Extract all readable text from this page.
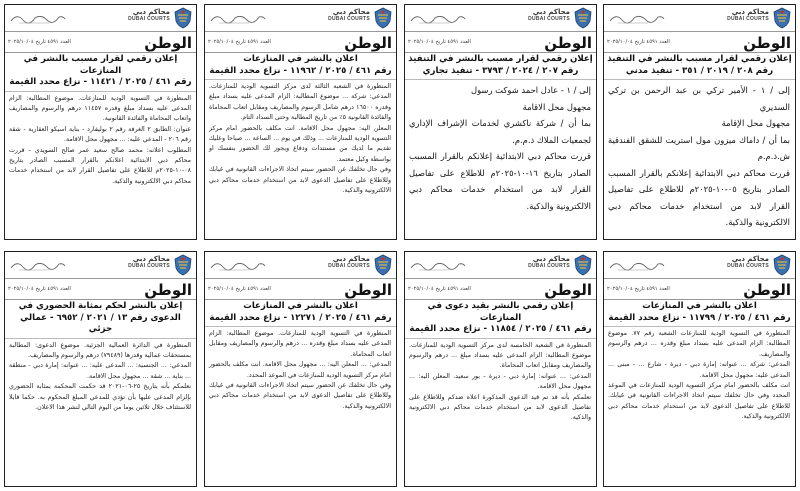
محاكم دبي
DUBAI COURTS
الوطن
العدد ٤٥٩١ تاريخ ٢٠٢٥/١٠/٠٤
إعلان رقمي لقرار مسبب بالنشر في التنفيذ
رقم ٢٠٨ / ٢٠١٩ / ٣٥١ - تنفيذ مدني

إلى / ١ - الأمير تركي بن عبد الرحمن بن تركي السديري

مجهول محل الإقامة

بما أن / داماك ميزون مول استريت للشقق الفندقية ش.ذ.م.م

قررت محاكم دبي الابتدائية إعلانكم بالقرار المسبب الصادر بتاريخ ٠٥-١٠-٢٠٢٥م للاطلاع على تفاصيل القرار لابد من استخدام خدمات محاكم دبي الالكترونية والذكية.

محاكم دبي
DUBAI COURTS
الوطن
العدد ٤٥٩١ تاريخ ٢٠٢٥/١٠/٠٤
إعلان رقمي لقرار مسبب بالنشر في التنفيذ
رقم ٢٠٧ / ٢٠٢٤ / ٣٧٩٣ - تنفيذ تجاري

إلى / ١ - عادل احمد شوكت رسول

مجهول محل الاقامة

بما أن / شركة ناكشري لخدمات الإشراف الإداري لجمعيات الملاك ذ.م.م.

قررت محاكم دبي الابتدائية إعلانكم بالقرار المسبب الصادر بتاريخ ١٦-١٠-٢٠٢٥م للاطلاع على تفاصيل القرار لابد من استخدام خدمات محاكم دبي الالكترونية والذكية.

محاكم دبي
DUBAI COURTS
الوطن
العدد ٤٥٩١ تاريخ ٢٠٢٥/١٠/٠٤
اعلان بالنشر في المنازعات
رقم ٤٦١ / ٢٠٢٥ / ١١٩٦٢ - نزاع محدد القيمة

المنظورة في الشعبة الثالثة لدى مركز التسوية الودية للمنازعات. المدعي: شركة ... موضوع المطالبة: الزام المدعى عليه بسداد مبلغ وقدره ١٦٥٠٠ درهم شامل الرسوم والمصاريف ومقابل اتعاب المحاماة والفائدة القانونية ٥٪ من تاريخ المطالبة وحتى السداد التام.

المعلن اليه: مجهول محل الاقامة. انت مكلف بالحضور امام مركز التسوية الودية للمنازعات ... وذلك في يوم ... الساعة ... صباحا وعليك تقديم ما لديك من مستندات ودفاع ويجوز لك الحضور بنفسك او بواسطة وكيل معتمد.

وفي حال تخلفك عن الحضور سيتم اتخاذ الاجراءات القانونية في غيابك وللاطلاع على تفاصيل الدعوى لابد من استخدام خدمات محاكم دبي الالكترونية والذكية.

محاكم دبي
DUBAI COURTS
الوطن
العدد ٤٥٩١ تاريخ ٢٠٢٥/١٠/٠٤
إعلان رقمي لقرار مسبب بالنشر في المنازعات
رقم ٤٦١ / ٢٠٢٥ / ١١٤٢١ - نزاع محدد القيمة

المنظورة في التسوية الودية للمنازعات. موضوع المطالبة: الزام المدعى عليه بسداد مبلغ وقدره ١١٤٥٧ درهم والرسوم والمصاريف واتعاب المحاماة والفائدة القانونية.

عنوان: الطابق ٢ الغرفة رقم ٢ بوليفارد - بناية اسيكو العقارية - شقة رقم ٢٠٦ - المدعي عليه: ... مجهول محل الاقامة.

المطلوب اعلانه: محمد صالح سعيد عمر صالح السويدي - قررت محاكم دبي الابتدائية اعلانكم بالقرار المسبب الصادر بتاريخ ٠٨-١٠-٢٠٢٥م للاطلاع على تفاصيل القرار لابد من استخدام خدمات محاكم دبي الالكترونية والذكية.

محاكم دبي
DUBAI COURTS
الوطن
العدد ٤٥٩١ تاريخ ٢٠٢٥/١٠/٠٤
اعلان بالنشر في المنازعات
رقم ٤٦١ / ٢٠٢٥ / ١١٧٩٩ - نزاع محدد القيمة

المنظورة في التسوية الودية للمنازعات الشعبة رقم ٧٧. موضوع المطالبة: الزام المدعى عليه بسداد مبلغ وقدره ... درهم والرسوم والمصاريف.

المدعي: شركة ... عنوانه: إمارة دبي - ديرة - شارع ... - مبنى ... المدعى عليه: مجهول محل الاقامة.

انت مكلف بالحضور امام مركز التسوية الودية للمنازعات في الموعد المحدد وفي حال تخلفك سيتم اتخاذ الاجراءات القانونية في غيابك. للاطلاع على تفاصيل الدعوى لابد من استخدام خدمات محاكم دبي الالكترونية والذكية.

محاكم دبي
DUBAI COURTS
الوطن
العدد ٤٥٩١ تاريخ ٢٠٢٥/١٠/٠٤
إعلان رقمي بالنشر بقيد دعوى في المنازعات
رقم ٤٦١ / ٢٠٢٥ / ١١٨٥٤ - نزاع محدد القيمة

المنظورة في الشعبة الخامسة لدى مركز التسوية الودية للمنازعات. موضوع المطالبة: الزام المدعى عليه بسداد مبلغ ... درهم والرسوم والمصاريف ومقابل اتعاب المحاماة.

المدعي: ... عنوانه: إمارة دبي - ديرة - بور سعيد. المعلن اليه: ... مجهول محل الاقامة.

نعلمكم بأنه قد تم قيد الدعوى المذكورة اعلاه ضدكم وللاطلاع على تفاصيل الدعوى لابد من استخدام خدمات محاكم دبي الالكترونية والذكية.

محاكم دبي
DUBAI COURTS
الوطن
العدد ٤٥٩١ تاريخ ٢٠٢٥/١٠/٠٤
اعلان بالنشر في المنازعات
رقم ٤٦١ / ٢٠٢٥ / ١٢٢٧١ - نزاع محدد القيمة

المنظورة في التسوية الودية للمنازعات. موضوع المطالبة: الزام المدعى عليه بسداد مبلغ وقدره ... درهم والرسوم والمصاريف ومقابل اتعاب المحاماة.

المدعي: ... المعلن اليه: ... مجهول محل الاقامة. انت مكلف بالحضور امام مركز التسوية الودية للمنازعات في الموعد المحدد.

وفي حال تخلفك عن الحضور سيتم اتخاذ الاجراءات القانونية في غيابك وللاطلاع على تفاصيل الدعوى لابد من استخدام خدمات محاكم دبي الالكترونية والذكية.

محاكم دبي
DUBAI COURTS
الوطن
العدد ٤٥٩١ تاريخ ٢٠٢٥/١٠/٠٤
إعلان بالنشر لحكم بمثابة الحضوري في
الدعوى رقم ١٣ / ٢٠٢١ / ٦٩٥٢ - عمالي جزئي

المنظورة في الدائرة العمالية الجزئية. موضوع الدعوى: المطالبة بمستحقات عمالية وقدرها (٧٩٤٨٩) درهم والرسوم والمصاريف.

المدعي: ... الجنسية: ... المدعى عليه: ... عنوانه: إمارة دبي - منطقة ... بناية ... شقة ... مجهول محل الاقامة.

نعلمكم بأنه بتاريخ ٢٥-٠٦-٢٠٢١ قد حكمت المحكمة بمثابة الحضوري بإلزام المدعى عليها بأن تؤدي للمدعي المبلغ المحكوم به. حكما قابلا للاستئناف خلال ثلاثين يوما من اليوم التالي لنشر هذا الاعلان.
